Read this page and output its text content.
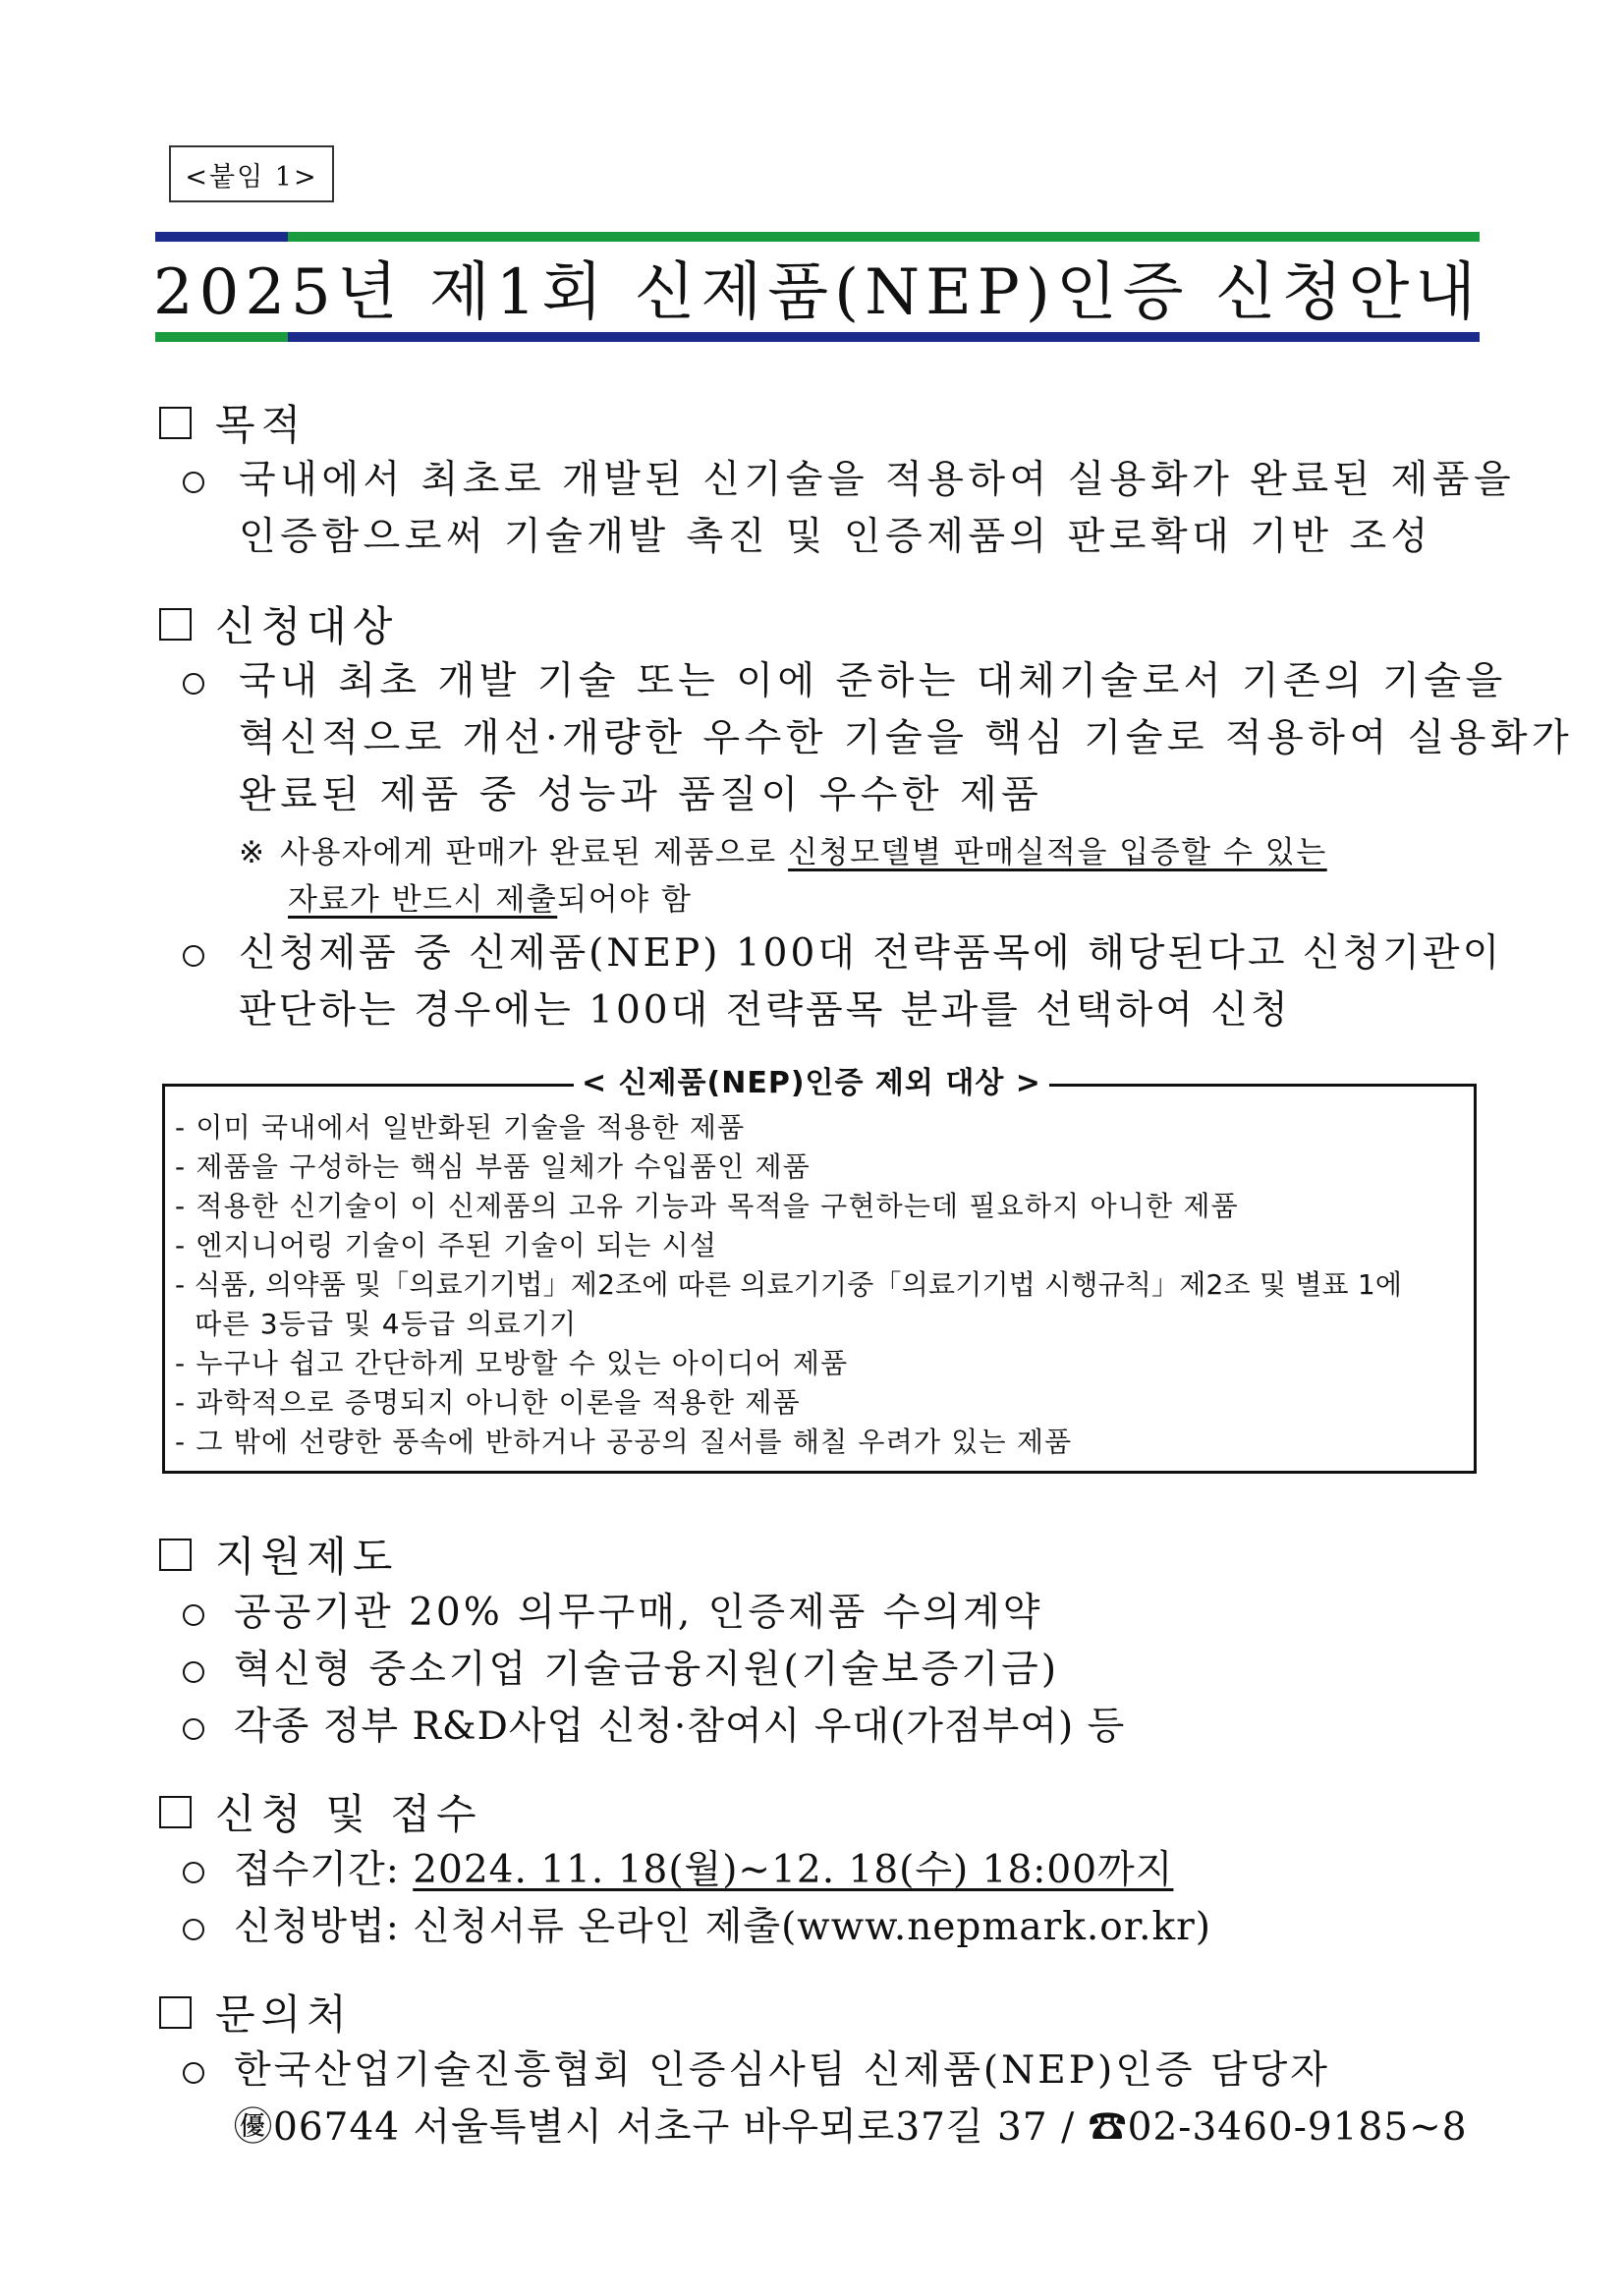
<붙임 1>
2025년 제1회 신제품(NEP)인증 신청안내
목적
국내에서 최초로 개발된 신기술을 적용하여 실용화가 완료된 제품을
인증함으로써 기술개발 촉진 및 인증제품의 판로확대 기반 조성
신청대상
국내 최초 개발 기술 또는 이에 준하는 대체기술로서 기존의 기술을
혁신적으로 개선·개량한 우수한 기술을 핵심 기술로 적용하여 실용화가
완료된 제품 중 성능과 품질이 우수한 제품
※ 사용자에게 판매가 완료된 제품으로 신청모델별 판매실적을 입증할 수 있는
자료가 반드시 제출되어야 함
신청제품 중 신제품(NEP) 100대 전략품목에 해당된다고 신청기관이
판단하는 경우에는 100대 전략품목 분과를 선택하여 신청
< 신제품(NEP)인증 제외 대상 >
- 이미 국내에서 일반화된 기술을 적용한 제품
- 제품을 구성하는 핵심 부품 일체가 수입품인 제품
- 적용한 신기술이 이 신제품의 고유 기능과 목적을 구현하는데 필요하지 아니한 제품
- 엔지니어링 기술이 주된 기술이 되는 시설
- 식품, 의약품 및「의료기기법」제2조에 따른 의료기기중「의료기기법 시행규칙」제2조 및 별표 1에
따른 3등급 및 4등급 의료기기
- 누구나 쉽고 간단하게 모방할 수 있는 아이디어 제품
- 과학적으로 증명되지 아니한 이론을 적용한 제품
- 그 밖에 선량한 풍속에 반하거나 공공의 질서를 해칠 우려가 있는 제품
지원제도
공공기관 20% 의무구매, 인증제품 수의계약
혁신형 중소기업 기술금융지원(기술보증기금)
각종 정부 R&D사업 신청·참여시 우대(가점부여) 등
신청 및 접수
접수기간: 2024. 11. 18(월)~12. 18(수) 18:00까지
신청방법: 신청서류 온라인 제출(www.nepmark.or.kr)
문의처
한국산업기술진흥협회 인증심사팀 신제품(NEP)인증 담당자
㊝06744 서울특별시 서초구 바우뫼로37길 37 / ☎02-3460-9185~8
